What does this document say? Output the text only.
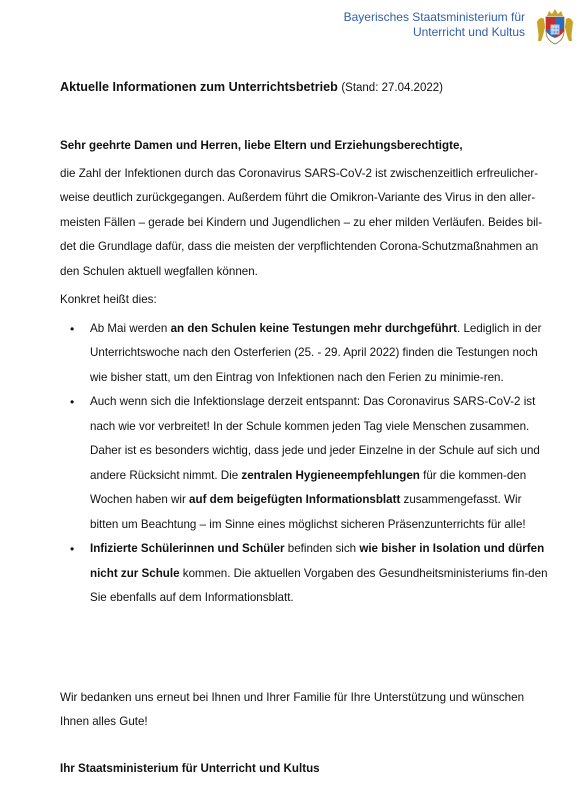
Bayerisches Staatsministerium für
Unterricht und Kultus
Aktuelle Informationen zum Unterrichtsbetrieb (Stand: 27.04.2022)

Sehr geehrte Damen und Herren, liebe Eltern und Erziehungsberechtigte,

die Zahl der Infektionen durch das Coronavirus SARS-CoV-2 ist zwischenzeitlich erfreulicher-weise deutlich zurückgegangen. Außerdem führt die Omikron-Variante des Virus in den aller-meisten Fällen – gerade bei Kindern und Jugendlichen – zu eher milden Verläufen. Beides bil-det die Grundlage dafür, dass die meisten der verpflichtenden Corona-Schutzmaßnahmen an den Schulen aktuell wegfallen können.

Konkret heißt dies:

• Ab Mai werden an den Schulen keine Testungen mehr durchgeführt. Lediglich in der Unterrichtswoche nach den Osterferien (25. - 29. April 2022) finden die Testungen noch wie bisher statt, um den Eintrag von Infektionen nach den Ferien zu minimie-ren.
• Auch wenn sich die Infektionslage derzeit entspannt: Das Coronavirus SARS-CoV-2 ist nach wie vor verbreitet! In der Schule kommen jeden Tag viele Menschen zusammen. Daher ist es besonders wichtig, dass jede und jeder Einzelne in der Schule auf sich und andere Rücksicht nimmt. Die zentralen Hygieneempfehlungen für die kommen-den Wochen haben wir auf dem beigefügten Informationsblatt zusammengefasst. Wir bitten um Beachtung – im Sinne eines möglichst sicheren Präsenzunterrichts für alle!
• Infizierte Schülerinnen und Schüler befinden sich wie bisher in Isolation und dürfen nicht zur Schule kommen. Die aktuellen Vorgaben des Gesundheitsministeriums fin-den Sie ebenfalls auf dem Informationsblatt.

Wir bedanken uns erneut bei Ihnen und Ihrer Familie für Ihre Unterstützung und wünschen Ihnen alles Gute!

Ihr Staatsministerium für Unterricht und Kultus
